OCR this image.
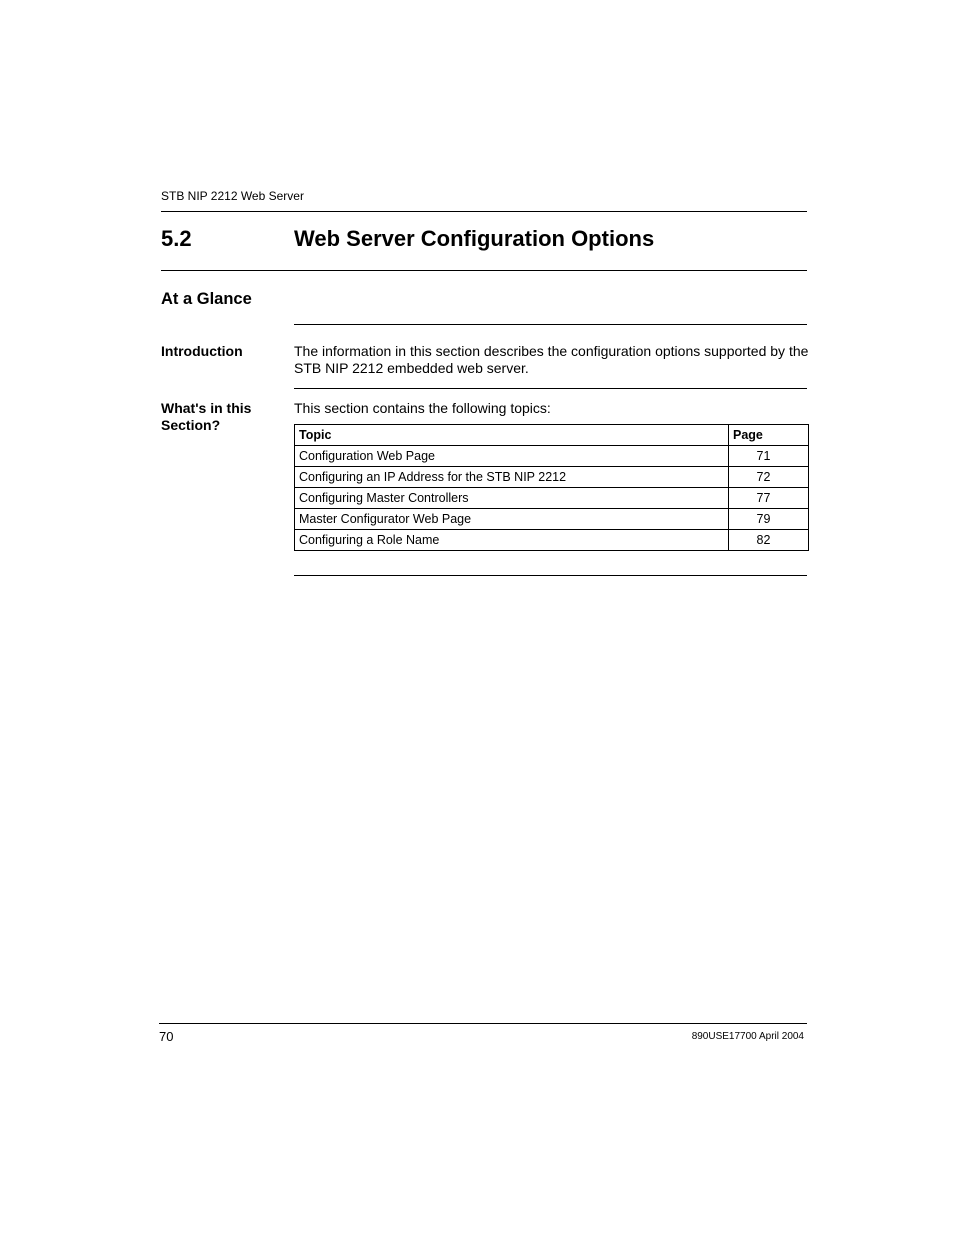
STB NIP 2212 Web Server
5.2	Web Server Configuration Options
At a Glance
Introduction	The information in this section describes the configuration options supported by the STB NIP 2212 embedded web server.
What's in this Section?
This section contains the following topics:
Topic	Page
Configuration Web Page	71
Configuring an IP Address for the STB NIP 2212	72
Configuring Master Controllers	77
Master Configurator Web Page	79
Configuring a Role Name	82
70	890USE17700 April 2004
